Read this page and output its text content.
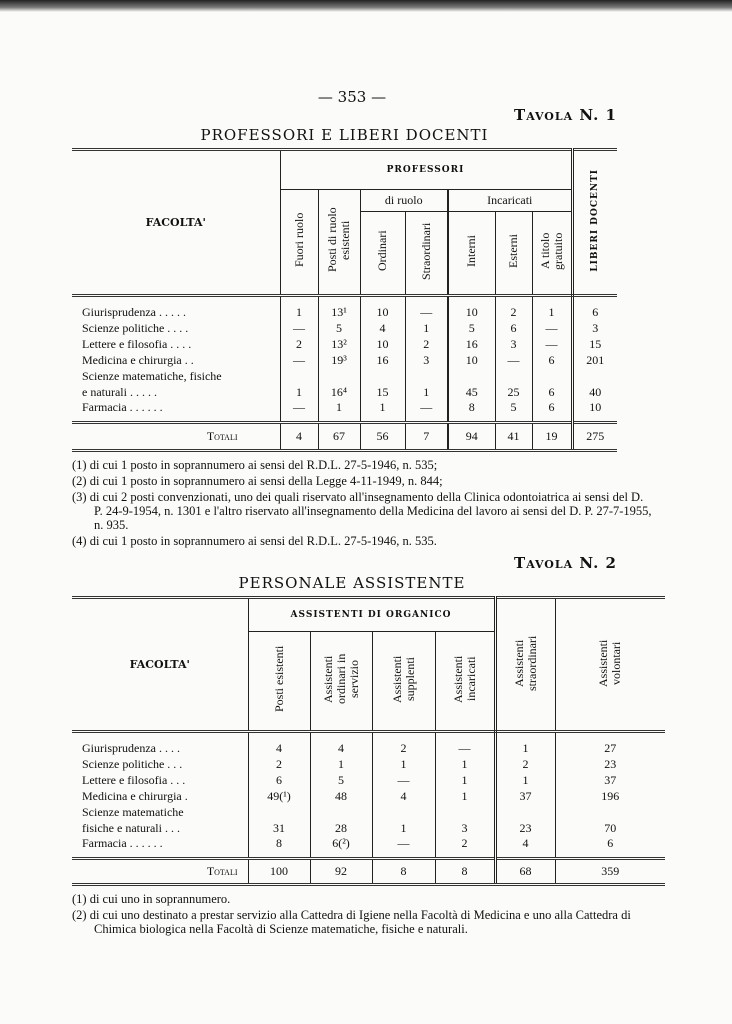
— 353 —
Tavola N. 1
PROFESSORI E LIBERI DOCENTI
FACOLTA'	PROFESSORI							LIBERI DOCENTI
	Fuori ruolo	Posti di ruolo esistenti	di ruolo		Incaricati			
			Ordinari	Straordinari	Interni	Esterni	A titolo gratuito	
Giurisprudenza . . . . .	1	13¹	10	—	10	2	1	6
Scienze politiche . . . .	—	5	4	1	5	6	—	3
Lettere e filosofia . . . .	2	13²	10	2	16	3	—	15
Medicina e chirurgia . .	—	19³	16	3	10	—	6	201
Scienze matematiche, fisiche								
e naturali . . . . .	1	16⁴	15	1	45	25	6	40
Farmacia . . . . . .	—	1	1	—	8	5	6	10
Totali	4	67	56	7	94	41	19	275
(1) di cui 1 posto in soprannumero ai sensi del R.D.L. 27-5-1946, n. 535;
(2) di cui 1 posto in soprannumero ai sensi della Legge 4-11-1949, n. 844;
(3) di cui 2 posti convenzionati, uno dei quali riservato all'insegnamento della Clinica odontoiatrica ai sensi del D. P. 24-9-1954, n. 1301 e l'altro riservato all'insegnamento della Medicina del lavoro ai sensi del D. P. 27-7-1955, n. 935.
(4) di cui 1 posto in soprannumero ai sensi del R.D.L. 27-5-1946, n. 535.
Tavola N. 2
PERSONALE ASSISTENTE
FACOLTA'	ASSISTENTI DI ORGANICO				Assistenti straordinari	Assistenti volontari
	Posti esistenti	Assistenti ordinari in servizio	Assistenti supplenti	Assistenti incaricati		
Giurisprudenza . . . .	4	4	2	—	1	27
Scienze politiche . . .	2	1	1	1	2	23
Lettere e filosofia . . .	6	5	—	1	1	37
Medicina e chirurgia .	49(¹)	48	4	1	37	196
Scienze matematiche						
fisiche e naturali . . .	31	28	1	3	23	70
Farmacia . . . . . .	8	6(²)	—	2	4	6
Totali	100	92	8	8	68	359
(1) di cui uno in soprannumero.
(2) di cui uno destinato a prestar servizio alla Cattedra di Igiene nella Facoltà di Medicina e uno alla Cattedra di Chimica biologica nella Facoltà di Scienze matematiche, fisiche e naturali.
